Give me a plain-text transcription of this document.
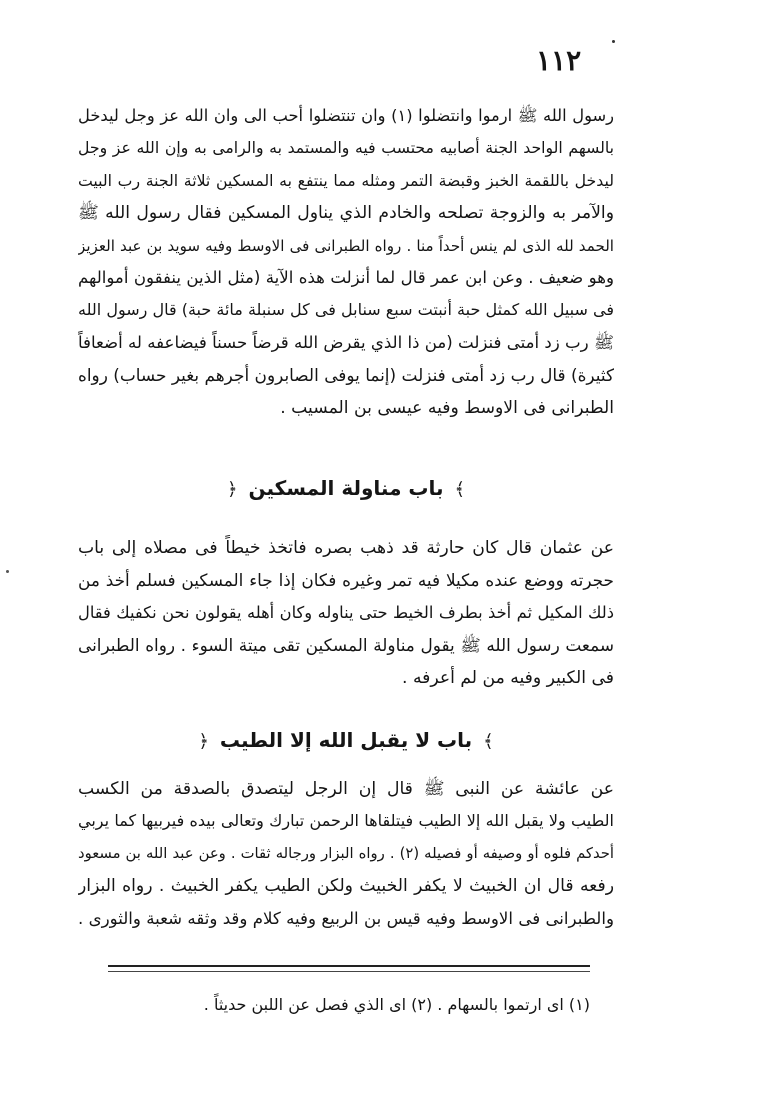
١١٢
رسول الله ﷺ ارموا وانتضلوا (١) وان تنتضلوا أحب الى وان الله عز وجل ليدخل
بالسهم الواحد الجنة أصابيه محتسب فيه والمستمد به والرامى به وإن الله عز وجل
ليدخل باللقمة الخبز وقبضة التمر ومثله مما ينتفع به المسكين ثلاثة الجنة رب البيت
والآمر به والزوجة تصلحه والخادم الذي يناول المسكين فقال رسول الله ﷺ
الحمد لله الذى لم ينس أحداً منا . رواه الطبرانى فى الاوسط وفيه سويد بن عبد العزيز
وهو ضعيف . وعن ابن عمر قال لما أنزلت هذه الآية (مثل الذين ينفقون أموالهم
فى سبيل الله كمثل حبة أنبتت سبع سنابل فى كل سنبلة مائة حبة) قال رسول الله
ﷺ رب زد أمتى فنزلت (من ذا الذي يقرض الله قرضاً حسناً فيضاعفه له أضعافاً
كثيرة) قال رب زد أمتى فنزلت (إنما يوفى الصابرون أجرهم بغير حساب) رواه
الطبرانى فى الاوسط وفيه عيسى بن المسيب .
﴾ باب مناولة المسكين ﴿
عن عثمان قال كان حارثة قد ذهب بصره فاتخذ خيطاً فى مصلاه إلى باب
حجرته ووضع عنده مكيلا فيه تمر وغيره فكان إذا جاء المسكين فسلم أخذ من
ذلك المكيل ثم أخذ بطرف الخيط حتى يناوله وكان أهله يقولون نحن نكفيك فقال
سمعت رسول الله ﷺ يقول مناولة المسكين تقى ميتة السوء . رواه الطبرانى
فى الكبير وفيه من لم أعرفه .
﴾ باب لا يقبل الله إلا الطيب ﴿
عن عائشة عن النبى ﷺ قال إن الرجل ليتصدق بالصدقة من الكسب
الطيب ولا يقبل الله إلا الطيب فيتلقاها الرحمن تبارك وتعالى بيده فيربيها كما يربي
أحدكم فلوه أو وصيفه أو فصيله (٢) . رواه البزار ورجاله ثقات . وعن عبد الله بن مسعود
رفعه قال ان الخبيث لا يكفر الخبيث ولكن الطيب يكفر الخبيث . رواه البزار
والطبرانى فى الاوسط وفيه قيس بن الربيع وفيه كلام وقد وثقه شعبة والثورى .
(١) اى ارتموا بالسهام . (٢) اى الذي فصل عن اللبن حديثاً .
